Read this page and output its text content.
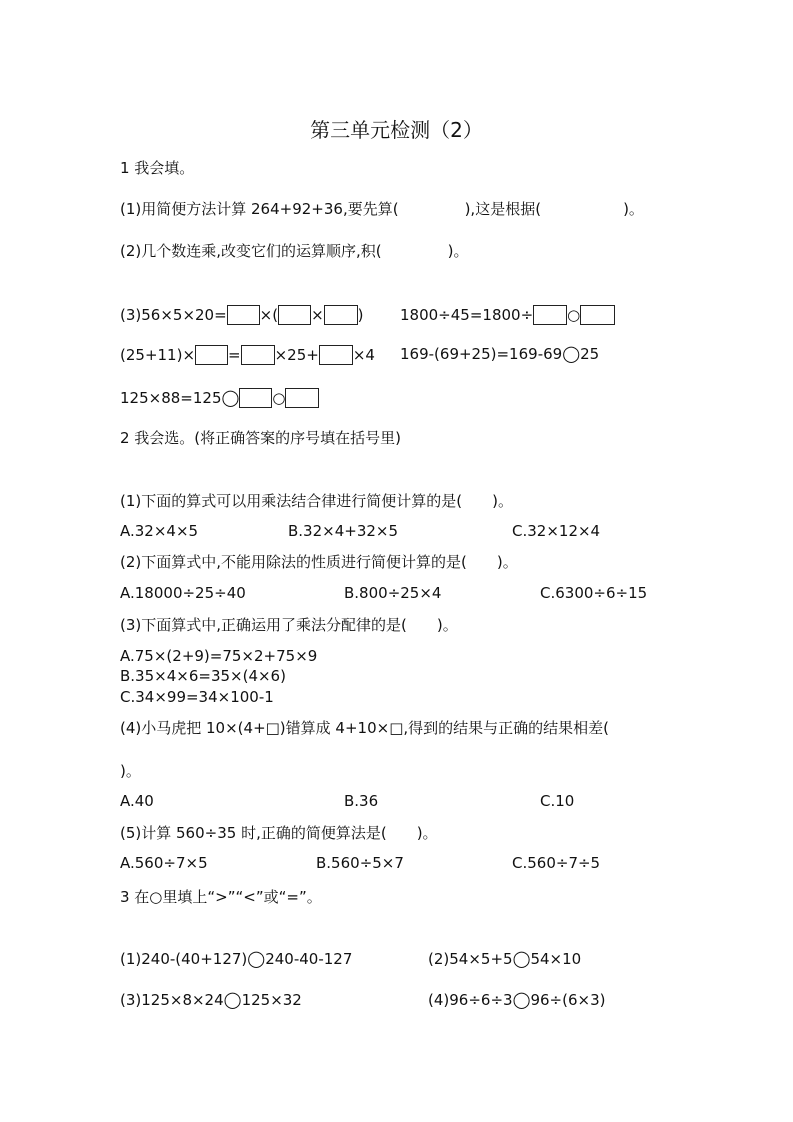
第三单元检测（2）
1 我会填。
(1)用简便方法计算 264+92+36,要先算(	),这是根据(	)。
(2)几个数连乘,改变它们的运算顺序,积(	)。
(3)56×5×20= ×( × ) 1800÷45=1800÷ ○
(25+11)× = ×25+ ×4 169-(69+25)=169-69◯25
125×88=125◯ ○
2 我会选。(将正确答案的序号填在括号里)
(1)下面的算式可以用乘法结合律进行简便计算的是(　　)。
A.32×4×5	B.32×4+32×5	C.32×12×4
(2)下面算式中,不能用除法的性质进行简便计算的是(　　)。
A.18000÷25÷40	B.800÷25×4	C.6300÷6÷15
(3)下面算式中,正确运用了乘法分配律的是(　　)。
A.75×(2+9)=75×2+75×9
B.35×4×6=35×(4×6)
C.34×99=34×100-1
(4)小马虎把 10×(4+□)错算成 4+10×□,得到的结果与正确的结果相差(
)。
A.40	B.36	C.10
(5)计算 560÷35 时,正确的简便算法是(　　)。
A.560÷7×5	B.560÷5×7	C.560÷7÷5
3 在○里填上“>”“<”或“=”。
(1)240-(40+127)◯240-40-127	(2)54×5+5◯54×10
(3)125×8×24◯125×32	(4)96÷6÷3◯96÷(6×3)
